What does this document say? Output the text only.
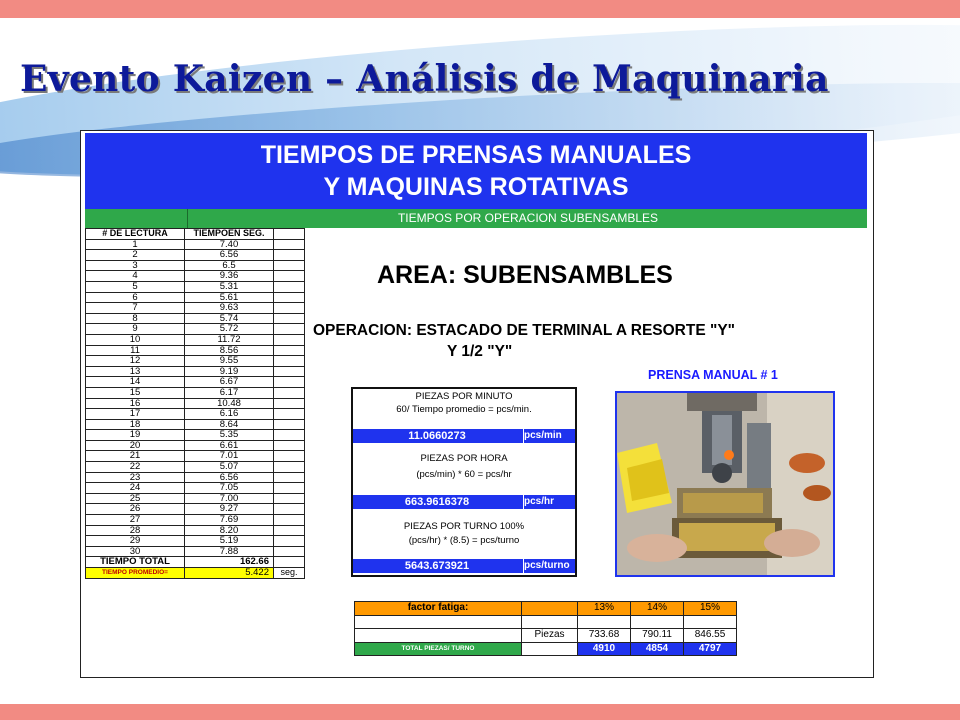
Evento Kaizen – Análisis de Maquinaria
TIEMPOS DE PRENSAS MANUALES
Y MAQUINAS ROTATIVAS
TIEMPOS POR OPERACION SUBENSAMBLES
# DE LECTURA	TIEMPOEN SEG.	
1	7.40	
2	6.56	
3	6.5	
4	9.36	
5	5.31	
6	5.61	
7	9.63	
8	5.74	
9	5.72	
10	11.72	
11	8.56	
12	9.55	
13	9.19	
14	6.67	
15	6.17	
16	10.48	
17	6.16	
18	8.64	
19	5.35	
20	6.61	
21	7.01	
22	5.07	
23	6.56	
24	7.05	
25	7.00	
26	9.27	
27	7.69	
28	8.20	
29	5.19	
30	7.88	
TIEMPO TOTAL	162.66	
TIEMPO PROMEDIO=	5.422	seg.
AREA: SUBENSAMBLES
OPERACION: ESTACADO DE TERMINAL A RESORTE "Y"
Y 1/2 "Y"
PRENSA MANUAL # 1
PIEZAS POR MINUTO
60/ Tiempo promedio = pcs/min.
11.0660273	pcs/min
PIEZAS POR HORA
(pcs/min) * 60 = pcs/hr
663.9616378	pcs/hr
PIEZAS POR TURNO 100%
(pcs/hr) * (8.5) = pcs/turno
5643.673921	pcs/turno
factor fatiga:		13%	14%	15%

	Piezas	733.68	790.11	846.55
TOTAL PIEZAS/ TURNO		4910	4854	4797
